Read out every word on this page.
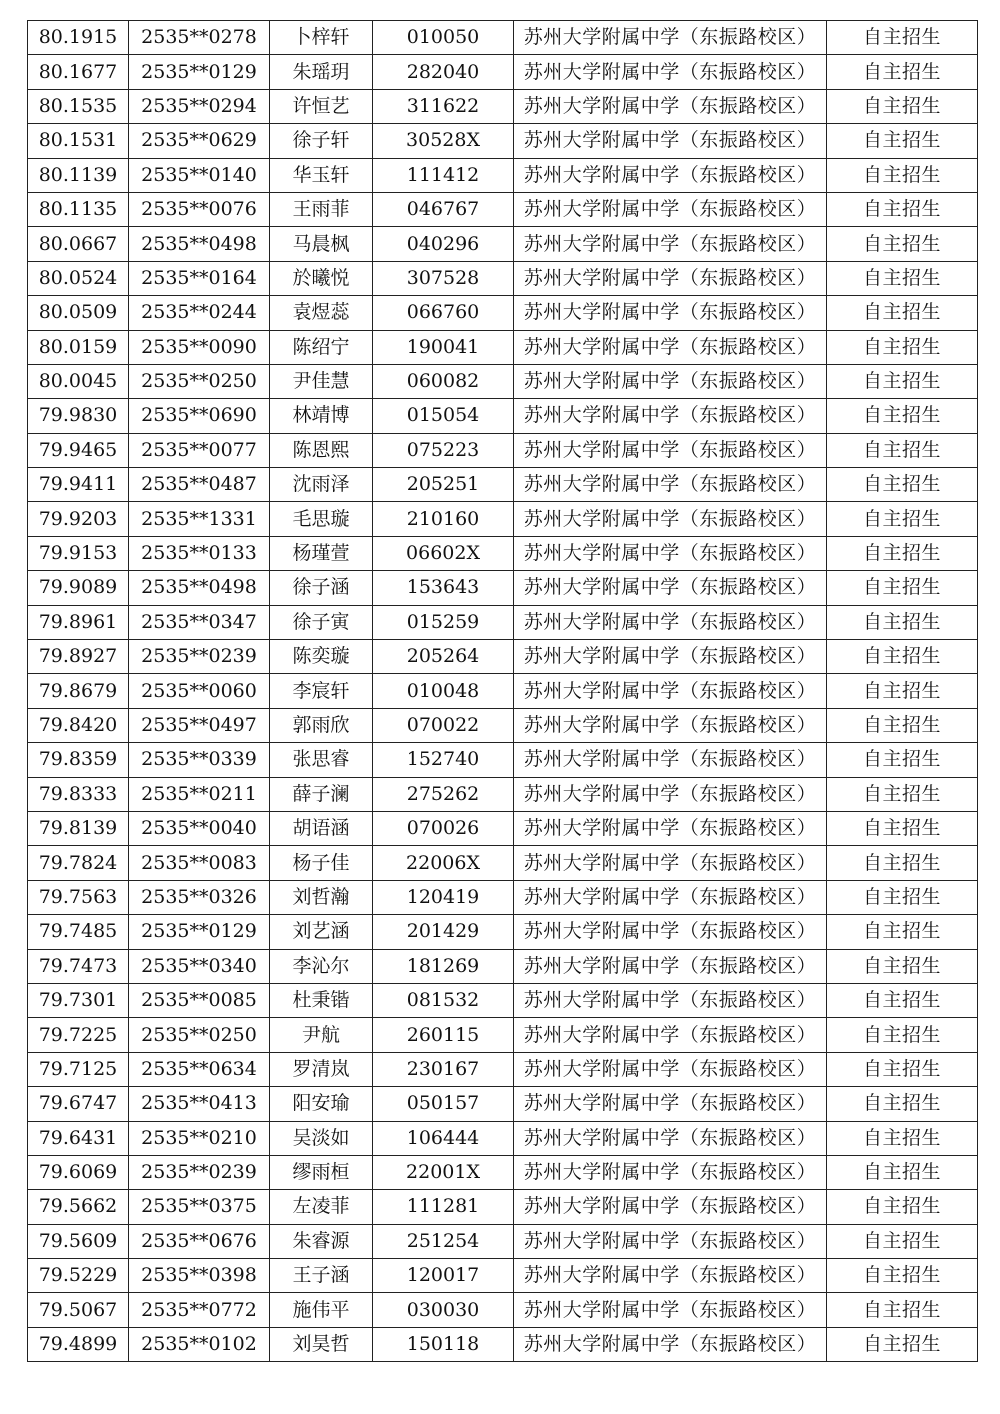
80.1915	2535**0278	卜梓轩	010050	苏州大学附属中学（东振路校区）	自主招生
80.1677	2535**0129	朱瑶玥	282040	苏州大学附属中学（东振路校区）	自主招生
80.1535	2535**0294	许恒艺	311622	苏州大学附属中学（东振路校区）	自主招生
80.1531	2535**0629	徐子轩	30528X	苏州大学附属中学（东振路校区）	自主招生
80.1139	2535**0140	华玉轩	111412	苏州大学附属中学（东振路校区）	自主招生
80.1135	2535**0076	王雨菲	046767	苏州大学附属中学（东振路校区）	自主招生
80.0667	2535**0498	马晨枫	040296	苏州大学附属中学（东振路校区）	自主招生
80.0524	2535**0164	於曦悦	307528	苏州大学附属中学（东振路校区）	自主招生
80.0509	2535**0244	袁煜蕊	066760	苏州大学附属中学（东振路校区）	自主招生
80.0159	2535**0090	陈绍宁	190041	苏州大学附属中学（东振路校区）	自主招生
80.0045	2535**0250	尹佳慧	060082	苏州大学附属中学（东振路校区）	自主招生
79.9830	2535**0690	林靖博	015054	苏州大学附属中学（东振路校区）	自主招生
79.9465	2535**0077	陈恩熙	075223	苏州大学附属中学（东振路校区）	自主招生
79.9411	2535**0487	沈雨泽	205251	苏州大学附属中学（东振路校区）	自主招生
79.9203	2535**1331	毛思璇	210160	苏州大学附属中学（东振路校区）	自主招生
79.9153	2535**0133	杨瑾萱	06602X	苏州大学附属中学（东振路校区）	自主招生
79.9089	2535**0498	徐子涵	153643	苏州大学附属中学（东振路校区）	自主招生
79.8961	2535**0347	徐子寅	015259	苏州大学附属中学（东振路校区）	自主招生
79.8927	2535**0239	陈奕璇	205264	苏州大学附属中学（东振路校区）	自主招生
79.8679	2535**0060	李宸轩	010048	苏州大学附属中学（东振路校区）	自主招生
79.8420	2535**0497	郭雨欣	070022	苏州大学附属中学（东振路校区）	自主招生
79.8359	2535**0339	张思睿	152740	苏州大学附属中学（东振路校区）	自主招生
79.8333	2535**0211	薛子澜	275262	苏州大学附属中学（东振路校区）	自主招生
79.8139	2535**0040	胡语涵	070026	苏州大学附属中学（东振路校区）	自主招生
79.7824	2535**0083	杨子佳	22006X	苏州大学附属中学（东振路校区）	自主招生
79.7563	2535**0326	刘哲瀚	120419	苏州大学附属中学（东振路校区）	自主招生
79.7485	2535**0129	刘艺涵	201429	苏州大学附属中学（东振路校区）	自主招生
79.7473	2535**0340	李沁尔	181269	苏州大学附属中学（东振路校区）	自主招生
79.7301	2535**0085	杜秉锴	081532	苏州大学附属中学（东振路校区）	自主招生
79.7225	2535**0250	尹航	260115	苏州大学附属中学（东振路校区）	自主招生
79.7125	2535**0634	罗清岚	230167	苏州大学附属中学（东振路校区）	自主招生
79.6747	2535**0413	阳安瑜	050157	苏州大学附属中学（东振路校区）	自主招生
79.6431	2535**0210	吴淡如	106444	苏州大学附属中学（东振路校区）	自主招生
79.6069	2535**0239	缪雨桓	22001X	苏州大学附属中学（东振路校区）	自主招生
79.5662	2535**0375	左凌菲	111281	苏州大学附属中学（东振路校区）	自主招生
79.5609	2535**0676	朱睿源	251254	苏州大学附属中学（东振路校区）	自主招生
79.5229	2535**0398	王子涵	120017	苏州大学附属中学（东振路校区）	自主招生
79.5067	2535**0772	施伟平	030030	苏州大学附属中学（东振路校区）	自主招生
79.4899	2535**0102	刘昊哲	150118	苏州大学附属中学（东振路校区）	自主招生
